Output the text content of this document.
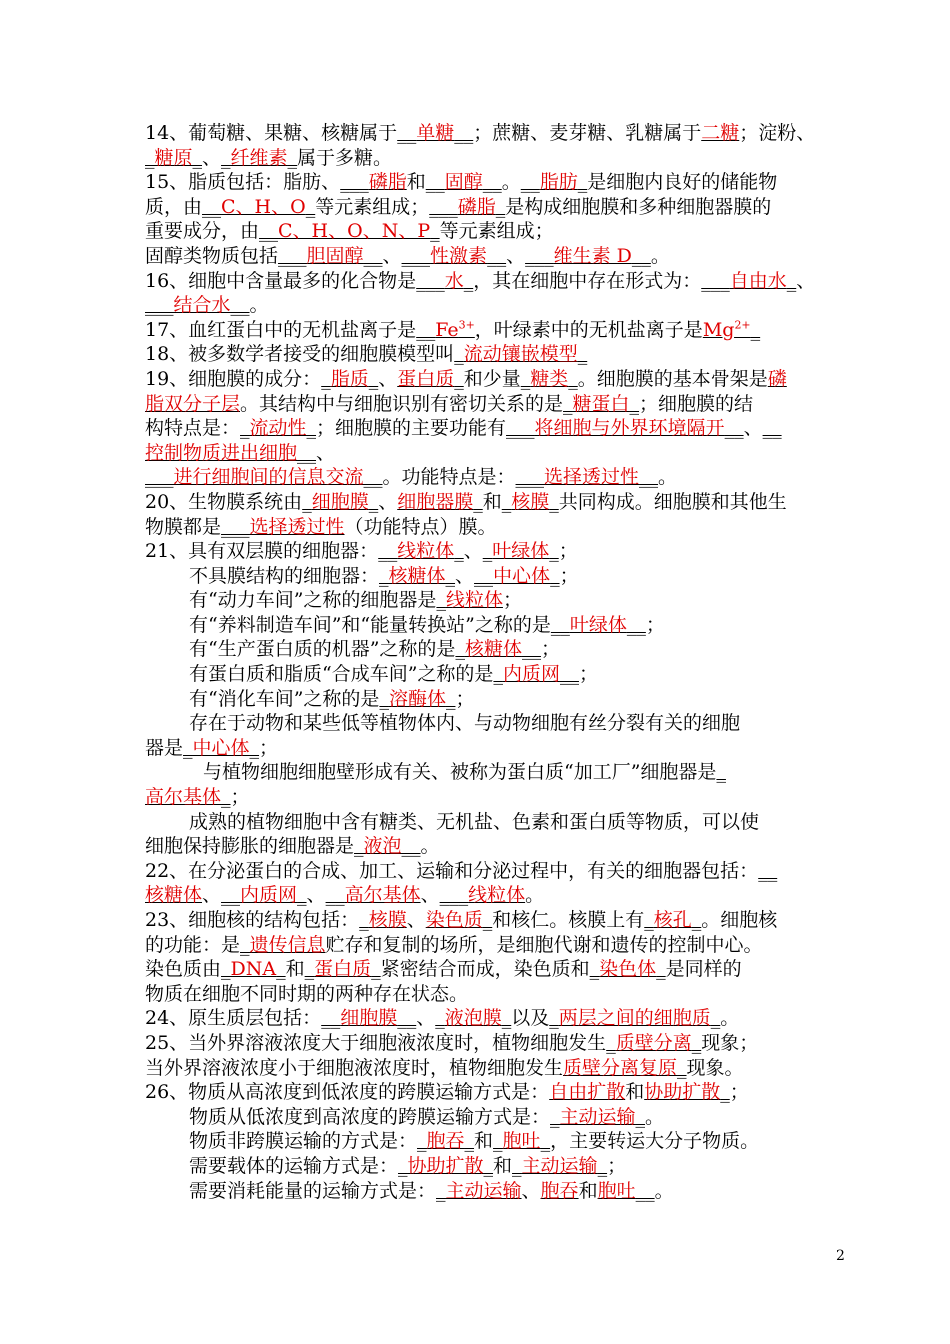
14、葡萄糖、果糖、核糖属于__单糖__；蔗糖、麦芽糖、乳糖属于二糖；淀粉、
_糖原_、_纤维素_属于多糖。
15、脂质包括：脂肪、___磷脂和__固醇__。__脂肪_是细胞内良好的储能物
质，由__C、H、O_等元素组成；___磷脂_是构成细胞膜和多种细胞器膜的
重要成分，由__C、H、O、N、P_等元素组成；
固醇类物质包括___胆固醇__、___性激素__、___维生素 D__。
16、细胞中含量最多的化合物是___水_，其在细胞中存在形式为：___自由水_、
___结合水__。
17、血红蛋白中的无机盐离子是$\_\_Fe^{3+}$，叶绿素中的无机盐离子是$Mg^{2+}\_$
18、被多数学者接受的细胞膜模型叫_流动镶嵌模型_
19、细胞膜的成分：_脂质_、蛋白质_和少量_糖类_。细胞膜的基本骨架是磷
脂双分子层。其结构中与细胞识别有密切关系的是_糖蛋白_；细胞膜的结
构特点是：_流动性_；细胞膜的主要功能有___将细胞与外界环境隔开__、__
控制物质进出细胞__、
___进行细胞间的信息交流__。功能特点是：___选择透过性__。
20、生物膜系统由_细胞膜_、细胞器膜_和_核膜_共同构成。细胞膜和其他生
物膜都是___选择透过性（功能特点）膜。
21、具有双层膜的细胞器：__线粒体_、_叶绿体_；
不具膜结构的细胞器：_核糖体_、__中心体_；
有“动力车间”之称的细胞器是_线粒体；
有“养料制造车间”和“能量转换站”之称的是__叶绿体__；
有“生产蛋白质的机器”之称的是_核糖体__；
有蛋白质和脂质“合成车间”之称的是_内质网__；
有“消化车间”之称的是_溶酶体_；
存在于动物和某些低等植物体内、与动物细胞有丝分裂有关的细胞
器是_中心体_；
与植物细胞细胞壁形成有关、被称为蛋白质“加工厂”细胞器是_
高尔基体_；
成熟的植物细胞中含有糖类、无机盐、色素和蛋白质等物质，可以使
细胞保持膨胀的细胞器是_液泡__。
22、在分泌蛋白的合成、加工、运输和分泌过程中，有关的细胞器包括：__
核糖体、__内质网_、__高尔基体、___线粒体。
23、细胞核的结构包括：_核膜、染色质_和核仁。核膜上有_核孔_。细胞核
的功能：是_遗传信息贮存和复制的场所，是细胞代谢和遗传的控制中心。
染色质由_DNA_和_蛋白质_紧密结合而成，染色质和_染色体_是同样的
物质在细胞不同时期的两种存在状态。
24、原生质层包括：__细胞膜__、_液泡膜_以及_两层之间的细胞质_。
25、当外界溶液浓度大于细胞液浓度时，植物细胞发生_质壁分离_现象；
当外界溶液浓度小于细胞液浓度时，植物细胞发生质壁分离复原_现象。
26、物质从高浓度到低浓度的跨膜运输方式是：自由扩散和协助扩散_；
物质从低浓度到高浓度的跨膜运输方式是：_主动运输_。
物质非跨膜运输的方式是：_胞吞_和_胞吐_，主要转运大分子物质。
需要载体的运输方式是：_协助扩散_和_主动运输_；
需要消耗能量的运输方式是：_主动运输、胞吞和胞吐__。
2
